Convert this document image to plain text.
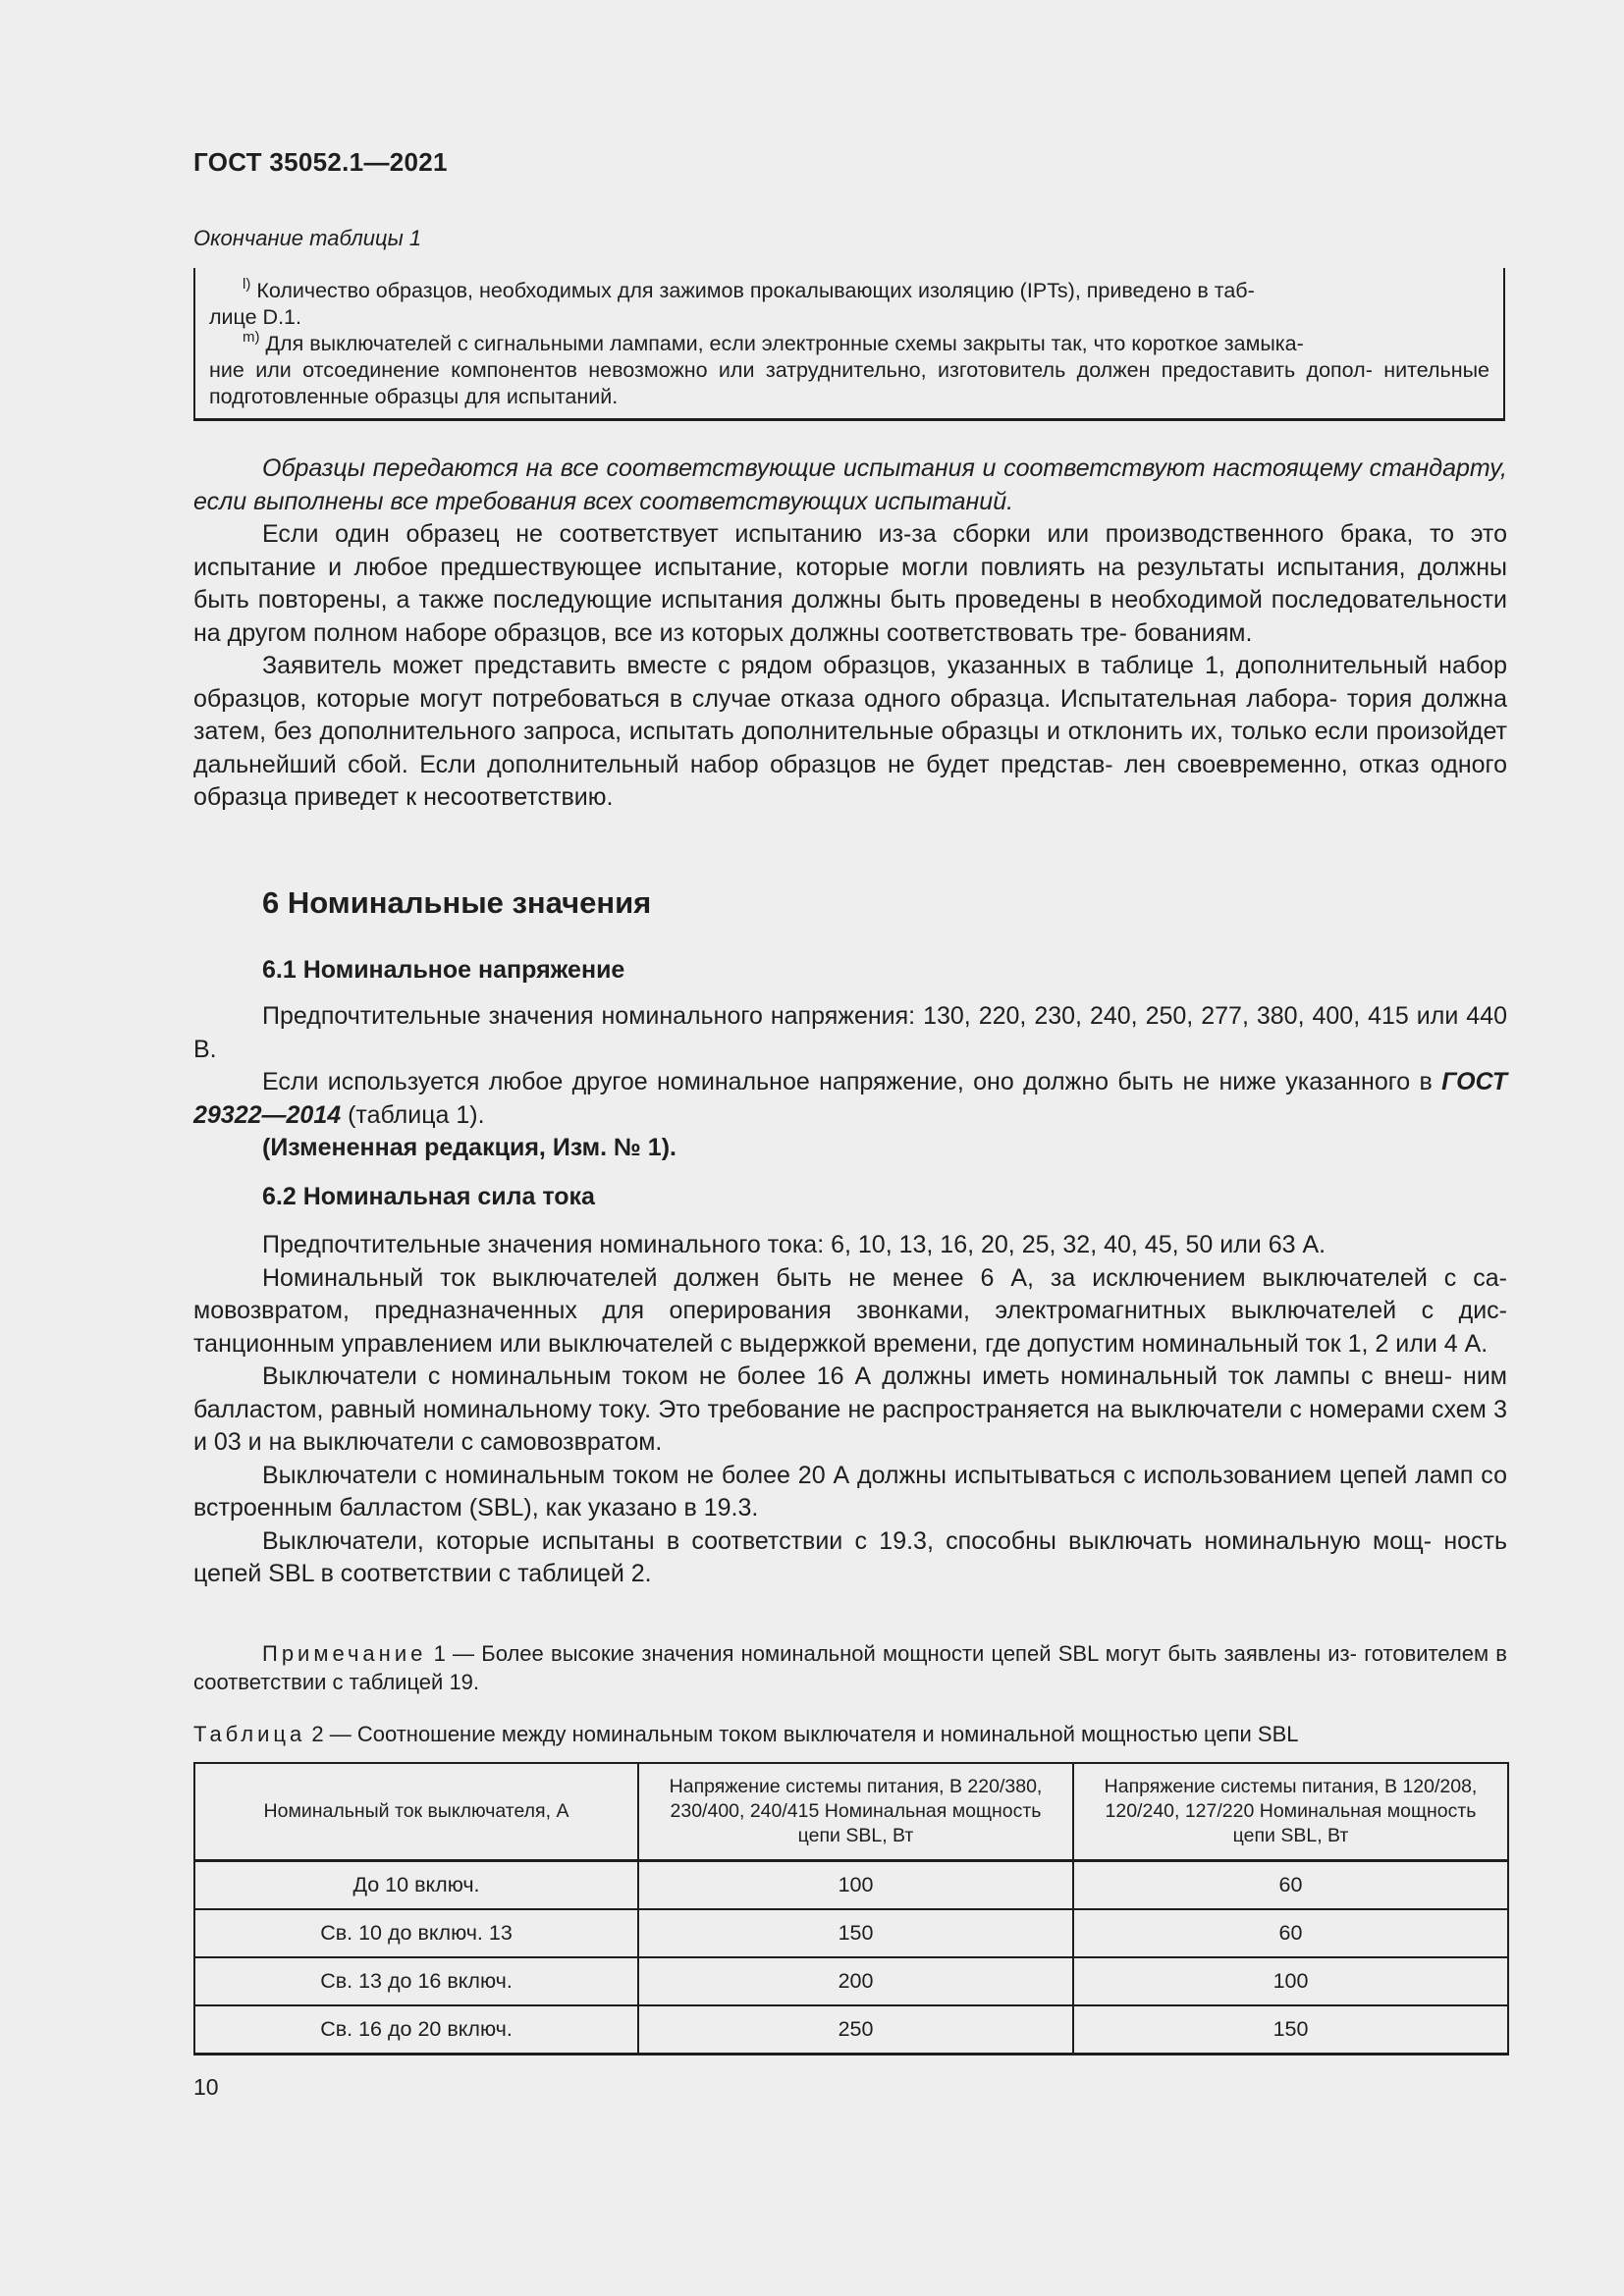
ГОСТ 35052.1—2021
Окончание таблицы 1

$^{l)}$ Количество образцов, необходимых для зажимов прокалывающих изоляцию (IPTs), приведено в таб-

лице D.1.

$^{m)}$ Для выключателей с сигнальными лампами, если электронные схемы закрыты так, что короткое замыка-

ние или отсоединение компонентов невозможно или затруднительно, изготовитель должен предоставить допол- нительные подготовленные образцы для испытаний.

Образцы передаются на все соответствующие испытания и соответствуют настоящему стандарту, если выполнены все требования всех соответствующих испытаний.

Если один образец не соответствует испытанию из-за сборки или производственного брака, то это испытание и любое предшествующее испытание, которые могли повлиять на результаты испытания, должны быть повторены, а также последующие испытания должны быть проведены в необходимой последовательности на другом полном наборе образцов, все из которых должны соответствовать тре- бованиям.

Заявитель может представить вместе с рядом образцов, указанных в таблице 1, дополнительный набор образцов, которые могут потребоваться в случае отказа одного образца. Испытательная лабора- тория должна затем, без дополнительного запроса, испытать дополнительные образцы и отклонить их, только если произойдет дальнейший сбой. Если дополнительный набор образцов не будет представ- лен своевременно, отказ одного образца приведет к несоответствию.

6 Номинальные значения
6.1 Номинальное напряжение

Предпочтительные значения номинального напряжения: 130, 220, 230, 240, 250, 277, 380, 400, 415 или 440 В.

Если используется любое другое номинальное напряжение, оно должно быть не ниже указанного в ГОСТ 29322—2014 (таблица 1).

(Измененная редакция, Изм. № 1).

6.2 Номинальная сила тока

Предпочтительные значения номинального тока: 6, 10, 13, 16, 20, 25, 32, 40, 45, 50 или 63 А.

Номинальный ток выключателей должен быть не менее 6 А, за исключением выключателей с са- мовозвратом, предназначенных для оперирования звонками, электромагнитных выключателей с дис- танционным управлением или выключателей с выдержкой времени, где допустим номинальный ток 1, 2 или 4 А.

Выключатели с номинальным током не более 16 А должны иметь номинальный ток лампы с внеш- ним балластом, равный номинальному току. Это требование не распространяется на выключатели с номерами схем 3 и 03 и на выключатели с самовозвратом.

Выключатели с номинальным током не более 20 А должны испытываться с использованием цепей ламп со встроенным балластом (SBL), как указано в 19.3.

Выключатели, которые испытаны в соответствии с 19.3, способны выключать номинальную мощ- ность цепей SBL в соответствии с таблицей 2.

Примечание 1 — Более высокие значения номинальной мощности цепей SBL могут быть заявлены из- готовителем в соответствии с таблицей 19.
Таблица 2 — Соотношение между номинальным током выключателя и номинальной мощностью цепи SBL
Номинальный ток выключателя, А	Напряжение системы питания, В 220/380, 230/400, 240/415 Номинальная мощность цепи SBL, Вт	Напряжение системы питания, В 120/208, 120/240, 127/220 Номинальная мощность цепи SBL, Вт
До 10 включ.	100	60
Св. 10 до включ. 13	150	60
Св. 13 до 16 включ.	200	100
Св. 16 до 20 включ.	250	150
10
